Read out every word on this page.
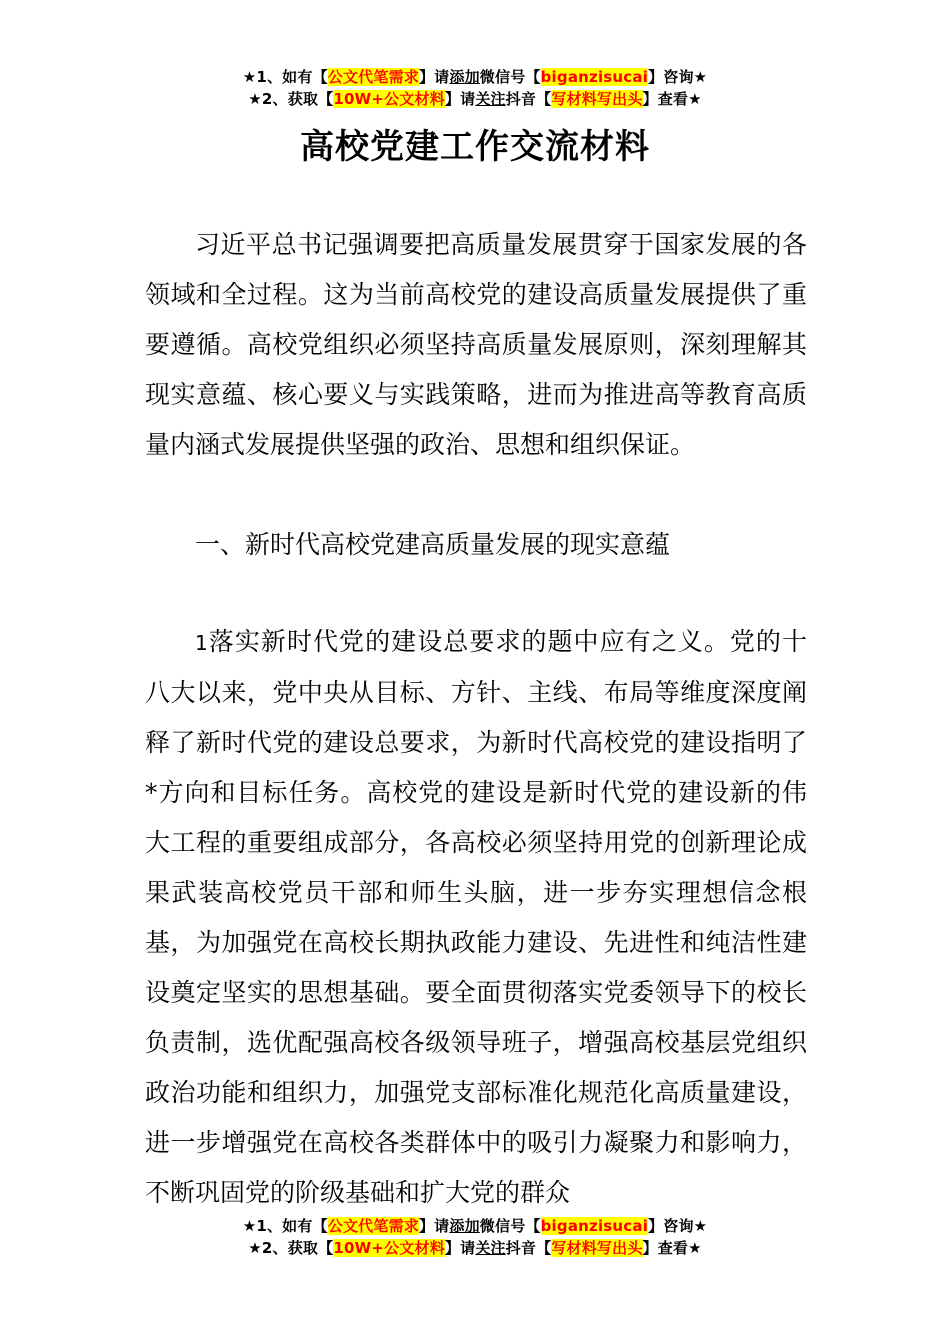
★1、如有【公文代笔需求】请添加微信号【biganzisucai】咨询★
★2、获取【10W+公文材料】请关注抖音【写材料写出头】查看★
高校党建工作交流材料

习近平总书记强调要把高质量发展贯穿于国家发展的各领域和全过程。这为当前高校党的建设高质量发展提供了重要遵循。高校党组织必须坚持高质量发展原则，深刻理解其现实意蕴、核心要义与实践策略，进而为推进高等教育高质量内涵式发展提供坚强的政治、思想和组织保证。

一、新时代高校党建高质量发展的现实意蕴

1落实新时代党的建设总要求的题中应有之义。党的十八大以来，党中央从目标、方针、主线、布局等维度深度阐释了新时代党的建设总要求，为新时代高校党的建设指明了*方向和目标任务。高校党的建设是新时代党的建设新的伟大工程的重要组成部分，各高校必须坚持用党的创新理论成果武装高校党员干部和师生头脑，进一步夯实理想信念根基，为加强党在高校长期执政能力建设、先进性和纯洁性建设奠定坚实的思想基础。要全面贯彻落实党委领导下的校长负责制，选优配强高校各级领导班子，增强高校基层党组织政治功能和组织力，加强党支部标准化规范化高质量建设，进一步增强党在高校各类群体中的吸引力凝聚力和影响力，不断巩固党的阶级基础和扩大党的群众

★1、如有【公文代笔需求】请添加微信号【biganzisucai】咨询★
★2、获取【10W+公文材料】请关注抖音【写材料写出头】查看★
